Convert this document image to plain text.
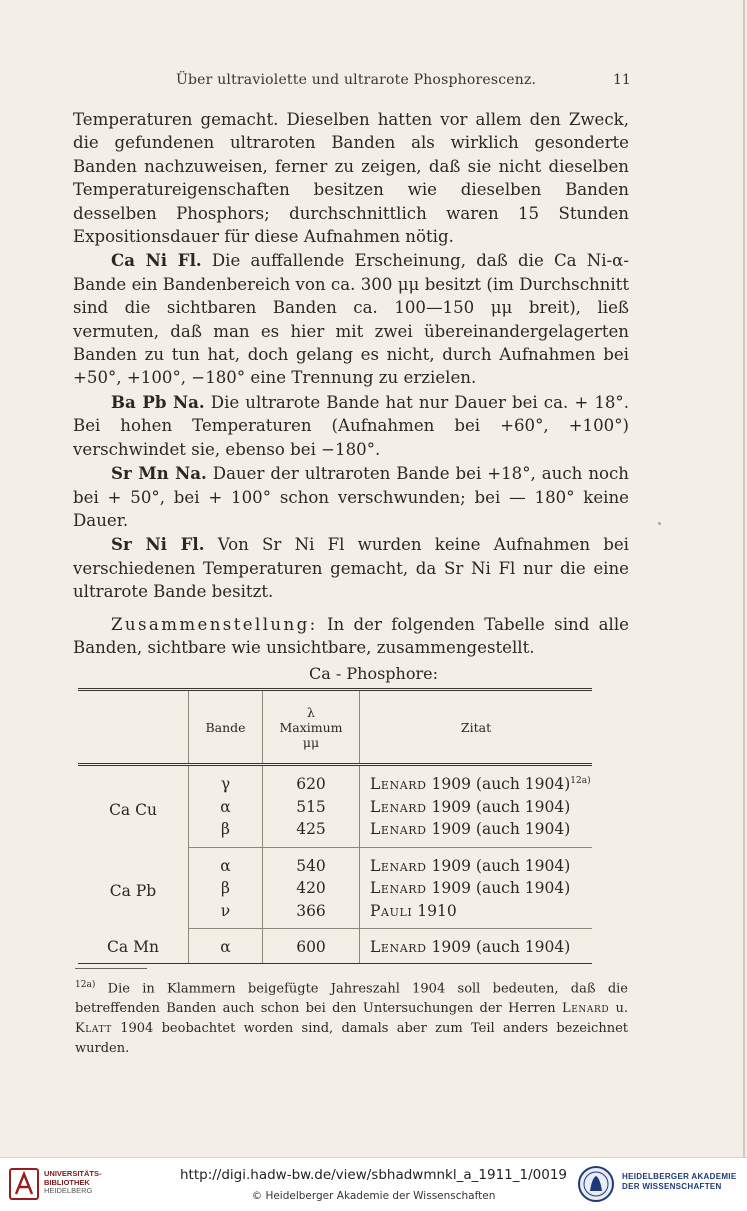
Über ultraviolette und ultrarote Phosphorescenz.	11

Temperaturen gemacht. Dieselben hatten vor allem den Zweck, die gefundenen ultraroten Banden als wirklich gesonderte Banden nachzuweisen, ferner zu zeigen, daß sie nicht dieselben Temperatureigenschaften besitzen wie dieselben Banden desselben Phosphors; durchschnittlich waren 15 Stunden Expositionsdauer für diese Aufnahmen nötig.

Ca Ni Fl. Die auffallende Erscheinung, daß die Ca Ni-α-Bande ein Bandenbereich von ca. 300 μμ besitzt (im Durchschnitt sind die sichtbaren Banden ca. 100—150 μμ breit), ließ vermuten, daß man es hier mit zwei übereinandergelagerten Banden zu tun hat, doch gelang es nicht, durch Aufnahmen bei +50°, +100°, −180° eine Trennung zu erzielen.

Ba Pb Na. Die ultrarote Bande hat nur Dauer bei ca. + 18°. Bei hohen Temperaturen (Aufnahmen bei +60°, +100°) verschwindet sie, ebenso bei −180°.

Sr Mn Na. Dauer der ultraroten Bande bei +18°, auch noch bei + 50°, bei + 100° schon verschwunden; bei — 180° keine Dauer.

Sr Ni Fl. Von Sr Ni Fl wurden keine Aufnahmen bei verschiedenen Temperaturen gemacht, da Sr Ni Fl nur die eine ultrarote Bande besitzt.

Zusammenstellung: In der folgenden Tabelle sind alle Banden, sichtbare wie unsichtbare, zusammengestellt.

Ca - Phosphore:
	Bande	λ
Maximum
μμ	Zitat
Ca Cu	γ	620	Lenard 1909 (auch 1904)$^{12a)}$
	α	515	Lenard 1909 (auch 1904)
	β	425	Lenard 1909 (auch 1904)
Ca Pb	α	540	Lenard 1909 (auch 1904)
	β	420	Lenard 1909 (auch 1904)
	ν	366	Pauli 1910
Ca Mn	α	600	Lenard 1909 (auch 1904)
$^{12a)}$ Die in Klammern beigefügte Jahreszahl 1904 soll bedeuten, daß die betreffenden Banden auch schon bei den Untersuchungen der Herren Lenard u. Klatt 1904 beobachtet worden sind, damals aber zum Teil anders bezeichnet wurden.
UNIVERSITÄTS-
BIBLIOTHEK
HEIDELBERG
http://digi.hadw-bw.de/view/sbhadwmnkl_a_1911_1/0019
© Heidelberger Akademie der Wissenschaften
HEIDELBERGER AKADEMIE
DER WISSENSCHAFTEN
